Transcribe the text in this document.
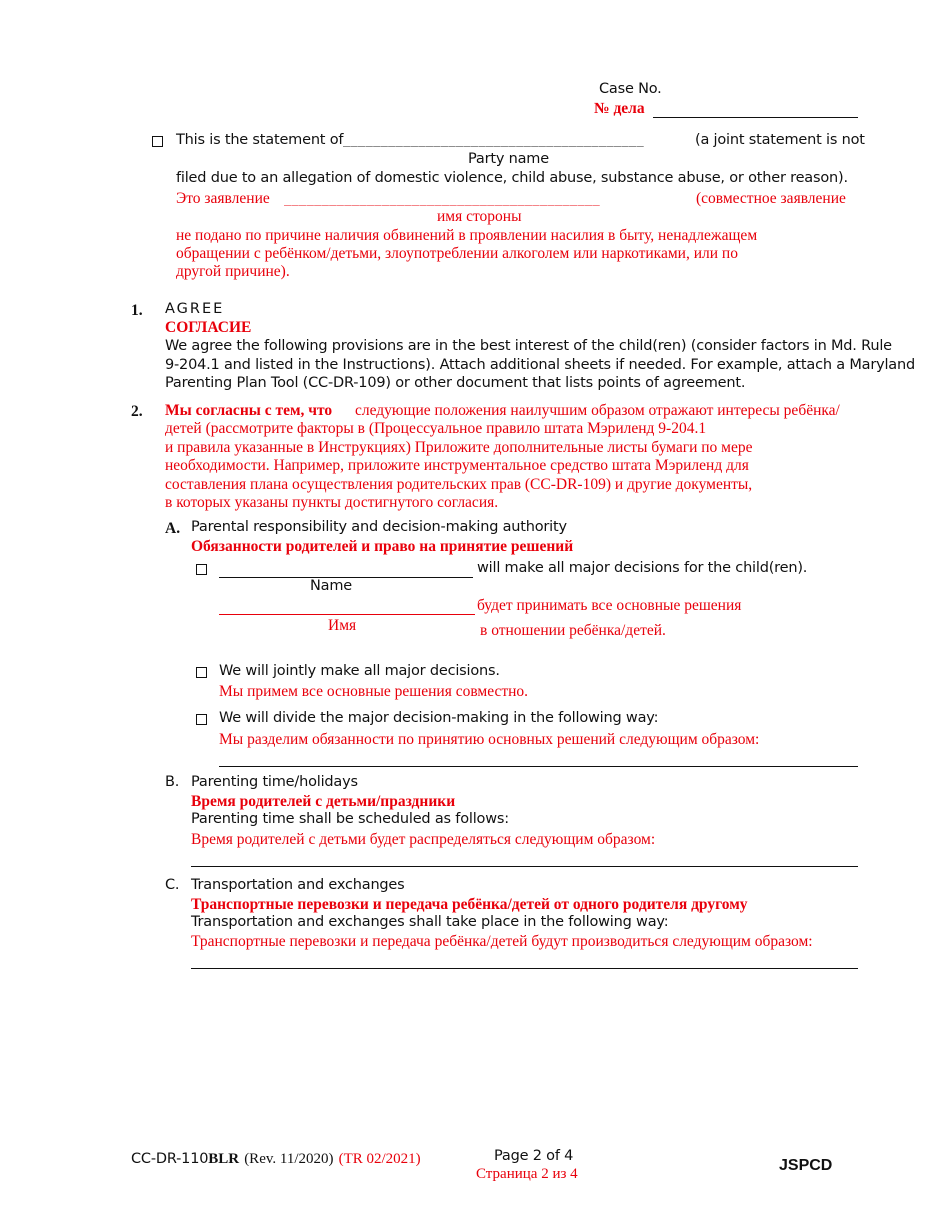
Case No.
№ дела
This is the statement of ________________________________________	(a joint statement is not
Party name
filed due to an allegation of domestic violence, child abuse, substance abuse, or other reason).
Это заявление __________________________________________	(совместное заявление
имя стороны
не подано по причине наличия обвинений в проявлении насилия в быту, ненадлежащем
обращении с ребёнком/детьми, злоупотреблении алкоголем или наркотиками, или по
другой причине).
1. AGREE
СОГЛАСИЕ
We agree the following provisions are in the best interest of the child(ren) (consider factors in Md. Rule
9-204.1 and listed in the Instructions). Attach additional sheets if needed. For example, attach a Maryland
Parenting Plan Tool (CC-DR-109) or other document that lists points of agreement.
2. Мы согласны с тем, что следующие положения наилучшим образом отражают интересы ребёнка/
детей (рассмотрите факторы в (Процессуальное правило штата Мэриленд 9-204.1
и правила указанные в Инструкциях) Приложите дополнительные листы бумаги по мере
необходимости. Например, приложите инструментальное средство штата Мэриленд для
составления плана осуществления родительских прав (CC-DR-109) и другие документы,
в которых указаны пункты достигнутого согласия.
A. Parental responsibility and decision-making authority
Обязанности родителей и право на принятие решений
will make all major decisions for the child(ren).
Name
будет принимать все основные решения
Имя	в отношении ребёнка/детей.
We will jointly make all major decisions.
Мы примем все основные решения совместно.
We will divide the major decision-making in the following way:
Мы разделим обязанности по принятию основных решений следующим образом:
B. Parenting time/holidays
Время родителей с детьми/праздники
Parenting time shall be scheduled as follows:
Время родителей с детьми будет распределяться следующим образом:
C. Transportation and exchanges
Транспортные перевозки и передача ребёнка/детей от одного родителя другому
Transportation and exchanges shall take place in the following way:
Транспортные перевозки и передача ребёнка/детей будут производиться следующим образом:
CC-DR-110BLR (Rev. 11/2020) (TR 02/2021)	Page 2 of 4
Страница 2 из 4	JSPCD
